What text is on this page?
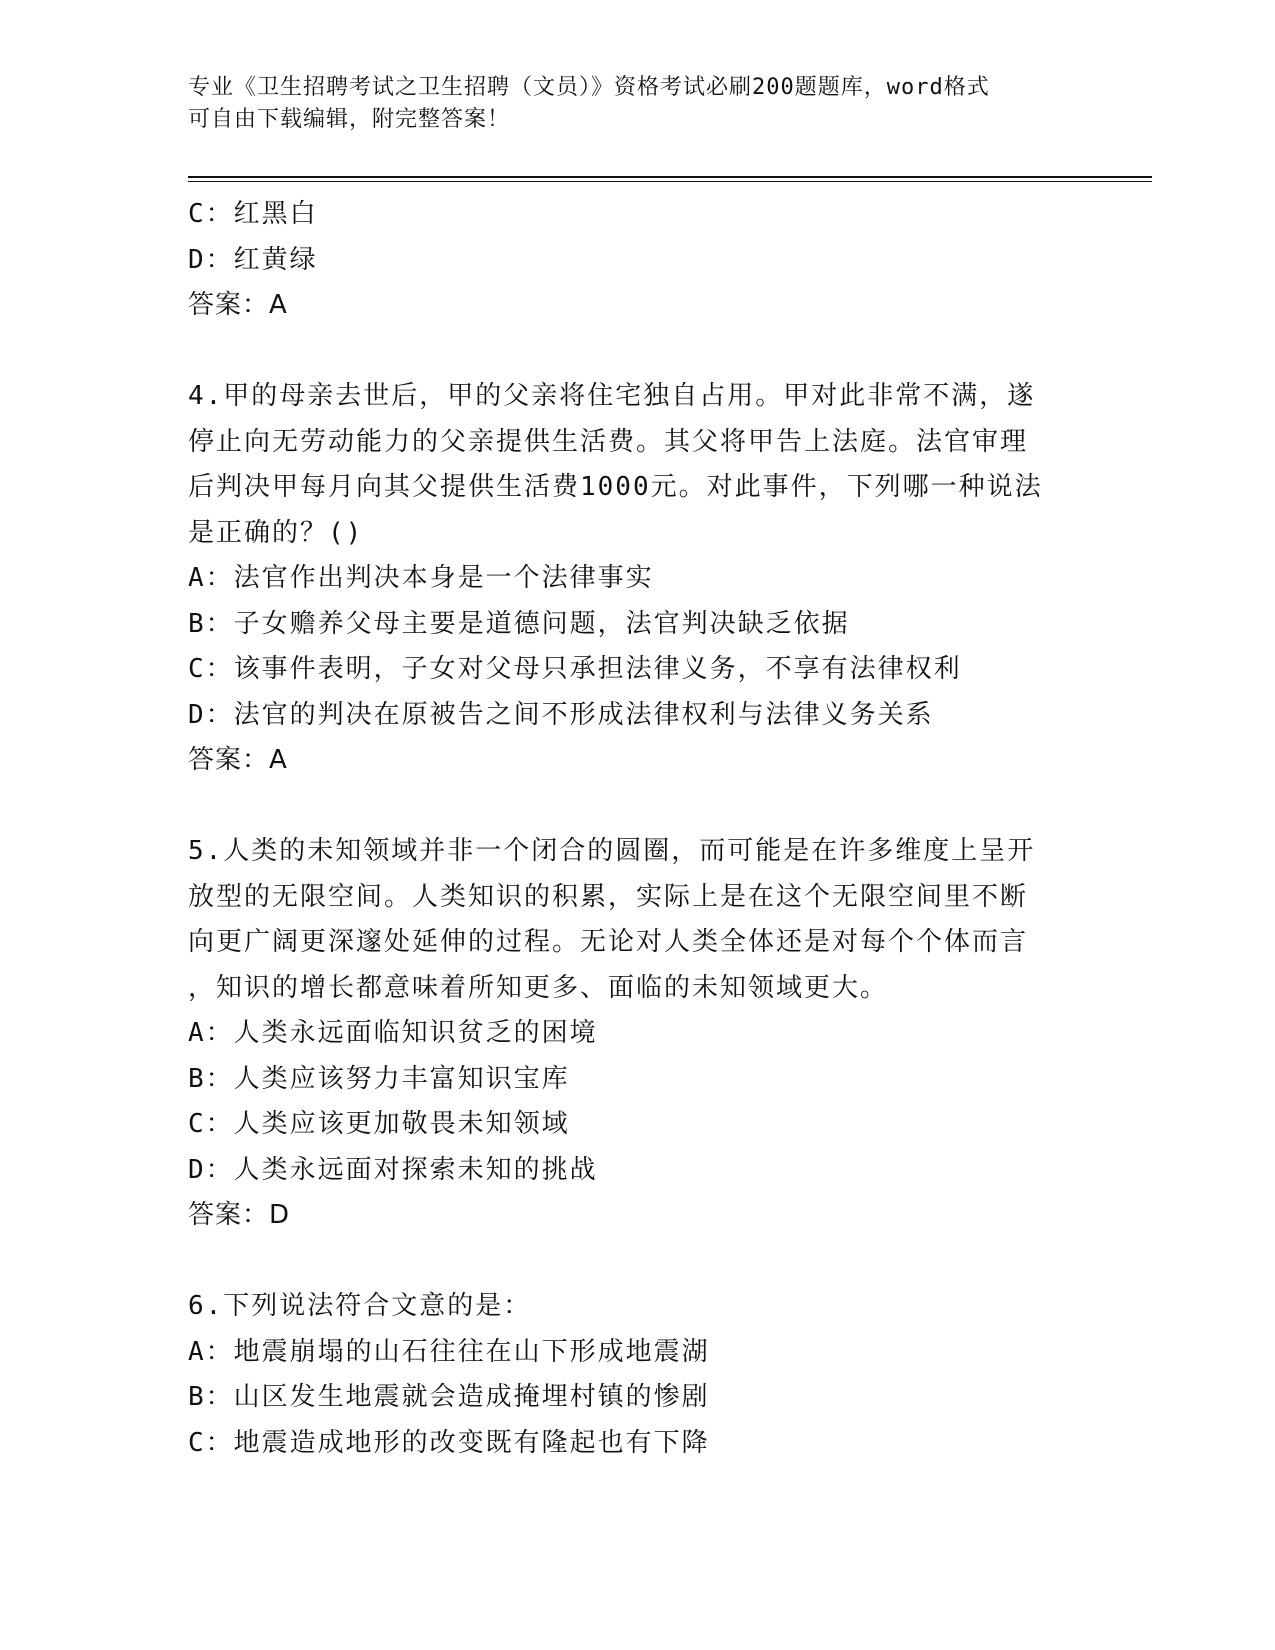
专业《卫生招聘考试之卫生招聘（文员）》资格考试必刷200题题库，word格式
可自由下载编辑，附完整答案！
C：红黑白
D：红黄绿
答案：A
4.甲的母亲去世后，甲的父亲将住宅独自占用。甲对此非常不满，遂
停止向无劳动能力的父亲提供生活费。其父将甲告上法庭。法官审理
后判决甲每月向其父提供生活费1000元。对此事件，下列哪一种说法
是正确的？()
A：法官作出判决本身是一个法律事实
B：子女赡养父母主要是道德问题，法官判决缺乏依据
C：该事件表明，子女对父母只承担法律义务，不享有法律权利
D：法官的判决在原被告之间不形成法律权利与法律义务关系
答案：A
5.人类的未知领域并非一个闭合的圆圈，而可能是在许多维度上呈开
放型的无限空间。人类知识的积累，实际上是在这个无限空间里不断
向更广阔更深邃处延伸的过程。无论对人类全体还是对每个个体而言
，知识的增长都意味着所知更多、面临的未知领域更大。
A：人类永远面临知识贫乏的困境
B：人类应该努力丰富知识宝库
C：人类应该更加敬畏未知领域
D：人类永远面对探索未知的挑战
答案：D
6.下列说法符合文意的是：
A：地震崩塌的山石往往在山下形成地震湖
B：山区发生地震就会造成掩埋村镇的惨剧
C：地震造成地形的改变既有隆起也有下降
